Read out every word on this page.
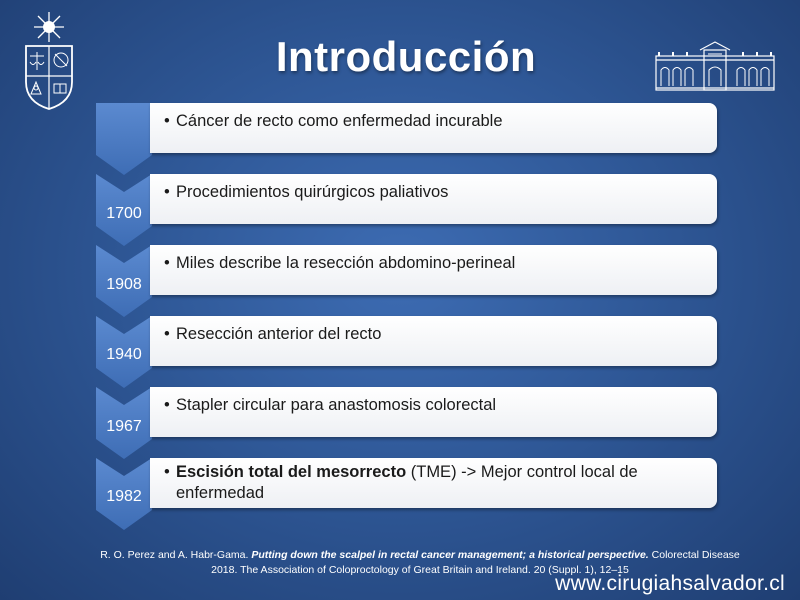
Introducción
• Cáncer de recto como enfermedad incurable
1700
• Procedimientos quirúrgicos paliativos
1908
• Miles describe la resección abdomino-perineal
1940
• Resección anterior del recto
1967
• Stapler circular para anastomosis colorectal
1982
• Escisión total del mesorrecto (TME) -> Mejor control local de enfermedad
R. O. Perez and A. Habr-Gama. Putting down the scalpel in rectal cancer management; a historical perspective. Colorectal Disease
2018. The Association of Coloproctology of Great Britain and Ireland. 20 (Suppl. 1), 12–15
www.cirugiahsalvador.cl
